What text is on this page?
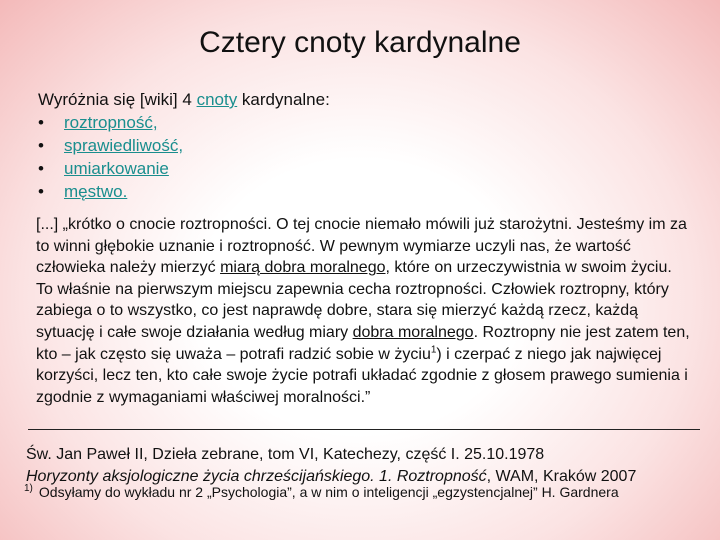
Cztery cnoty kardynalne
Wyróżnia się [wiki] 4 cnoty kardynalne:
• roztropność,
• sprawiedliwość,
• umiarkowanie
• męstwo.

[...] „krótko o cnocie roztropności. O tej cnocie niemało mówili już starożytni. Jesteśmy im za to winni głębokie uznanie i roztropność. W pewnym wymiarze uczyli nas, że wartość człowieka należy mierzyć miarą dobra moralnego, które on urzeczywistnia w swoim życiu. To właśnie na pierwszym miejscu zapewnia cecha roztropności. Człowiek roztropny, który zabiega o to wszystko, co jest naprawdę dobre, stara się mierzyć każdą rzecz, każdą sytuację i całe swoje działania według miary dobra moralnego. Roztropny nie jest zatem ten, kto – jak często się uważa – potrafi radzić sobie w życiu$^1$) i czerpać z niego jak najwięcej korzyści, lecz ten, kto całe swoje życie potrafi układać zgodnie z głosem prawego sumienia i zgodnie z wymaganiami właściwej moralności.”

Św. Jan Paweł II, Dzieła zebrane, tom VI, Katechezy, część I. 25.10.1978
Horyzonty aksjologiczne życia chrześcijańskiego. 1. Roztropność, WAM, Kraków 2007
$^{1)}$ Odsyłamy do wykładu nr 2 „Psychologia”, a w nim o inteligencji „egzystencjalnej” H. Gardnera
